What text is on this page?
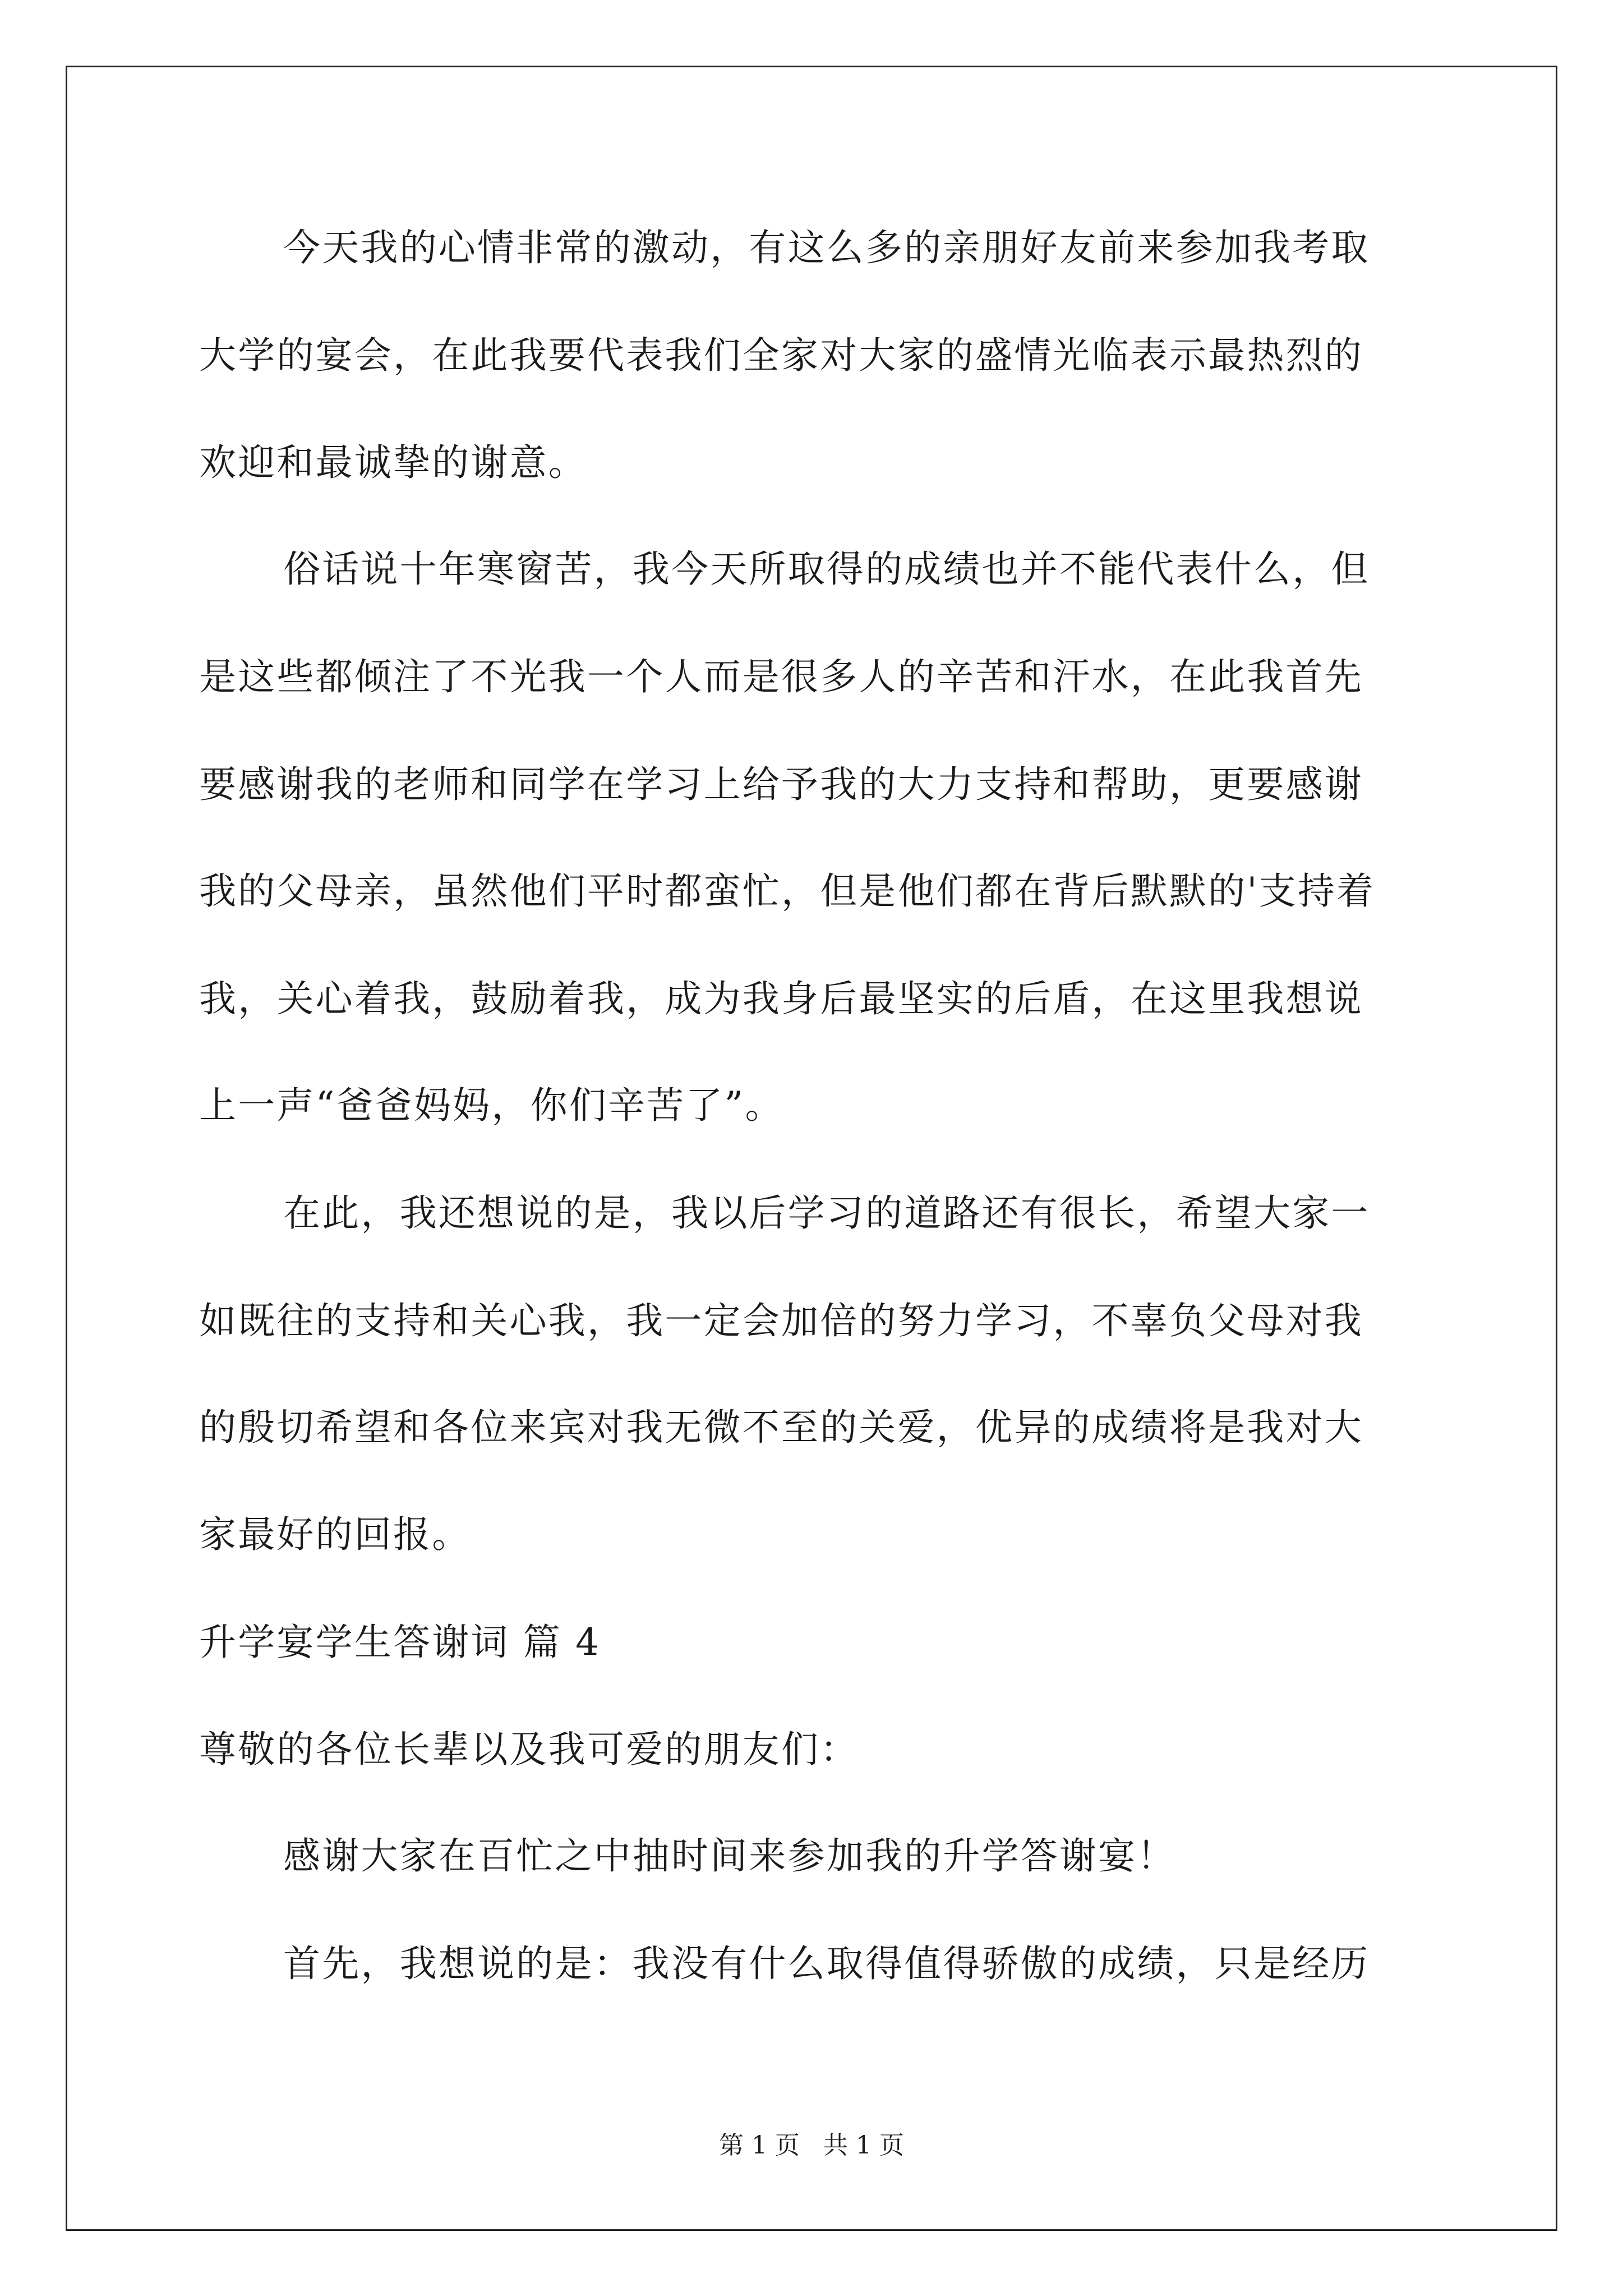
今天我的心情非常的激动，有这么多的亲朋好友前来参加我考取
大学的宴会，在此我要代表我们全家对大家的盛情光临表示最热烈的
欢迎和最诚挚的谢意。
俗话说十年寒窗苦，我今天所取得的成绩也并不能代表什么，但
是这些都倾注了不光我一个人而是很多人的辛苦和汗水，在此我首先
要感谢我的老师和同学在学习上给予我的大力支持和帮助，更要感谢
我的父母亲，虽然他们平时都蛮忙，但是他们都在背后默默的'支持着
我，关心着我，鼓励着我，成为我身后最坚实的后盾，在这里我想说
上一声“爸爸妈妈，你们辛苦了”。
在此，我还想说的是，我以后学习的道路还有很长，希望大家一
如既往的支持和关心我，我一定会加倍的努力学习，不辜负父母对我
的殷切希望和各位来宾对我无微不至的关爱，优异的成绩将是我对大
家最好的回报。
升学宴学生答谢词 篇 4
尊敬的各位长辈以及我可爱的朋友们：
感谢大家在百忙之中抽时间来参加我的升学答谢宴！
首先，我想说的是：我没有什么取得值得骄傲的成绩，只是经历
第 1 页   共 1 页
